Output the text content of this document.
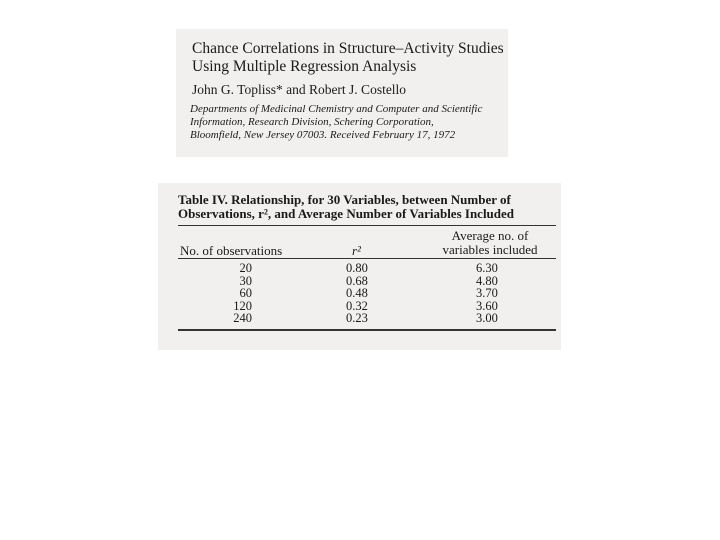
Chance Correlations in Structure–Activity Studies
Using Multiple Regression Analysis
John G. Topliss* and Robert J. Costello
Departments of Medicinal Chemistry and Computer and Scientific
Information, Research Division, Schering Corporation,
Bloomfield, New Jersey 07003. Received February 17, 1972
Table IV. Relationship, for 30 Variables, between Number of
Observations, r², and Average Number of Variables Included
Average no. of
No. of observations	r²	variables included
20
30
60
120
240
0.80
0.68
0.48
0.32
0.23
6.30
4.80
3.70
3.60
3.00
